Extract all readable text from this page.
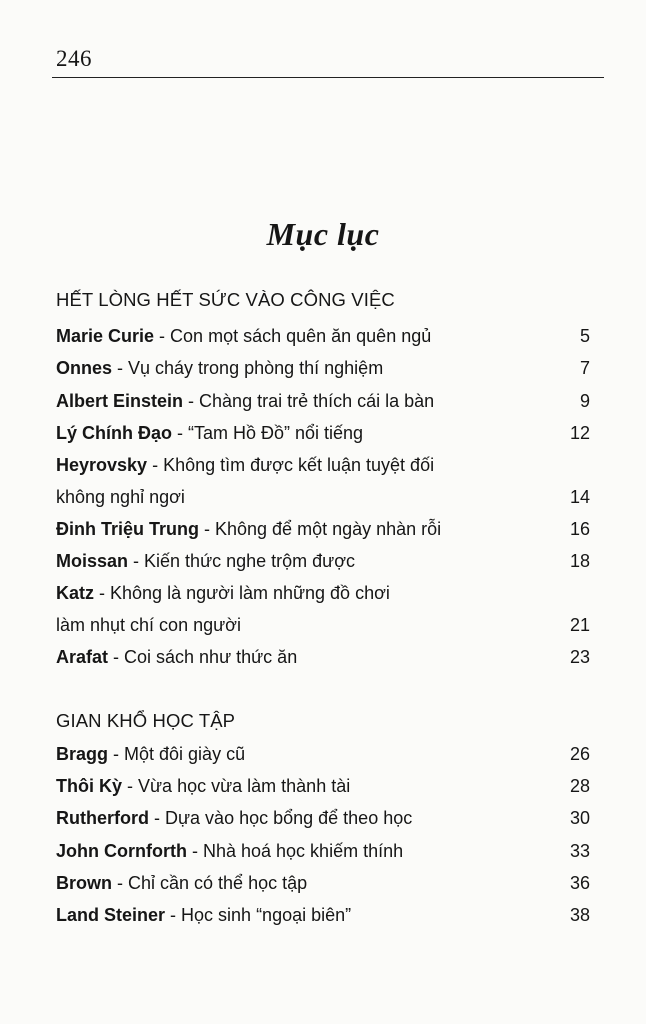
246
Mục lục
HẾT LÒNG HẾT SỨC VÀO CÔNG VIỆC
Marie Curie - Con mọt sách quên ăn quên ngủ	5
Onnes - Vụ cháy trong phòng thí nghiệm	7
Albert Einstein - Chàng trai trẻ thích cái la bàn	9
Lý Chính Đạo - “Tam Hồ Đồ” nổi tiếng	12
Heyrovsky - Không tìm được kết luận tuyệt đối
không nghỉ ngơi	14
Đinh Triệu Trung - Không để một ngày nhàn rỗi	16
Moissan - Kiến thức nghe trộm được	18
Katz - Không là người làm những đồ chơi
làm nhụt chí con người	21
Arafat - Coi sách như thức ăn	23
GIAN KHỔ HỌC TẬP
Bragg - Một đôi giày cũ	26
Thôi Kỳ - Vừa học vừa làm thành tài	28
Rutherford - Dựa vào học bổng để theo học	30
John Cornforth - Nhà hoá học khiếm thính	33
Brown - Chỉ cần có thể học tập	36
Land Steiner - Học sinh “ngoại biên”	38
